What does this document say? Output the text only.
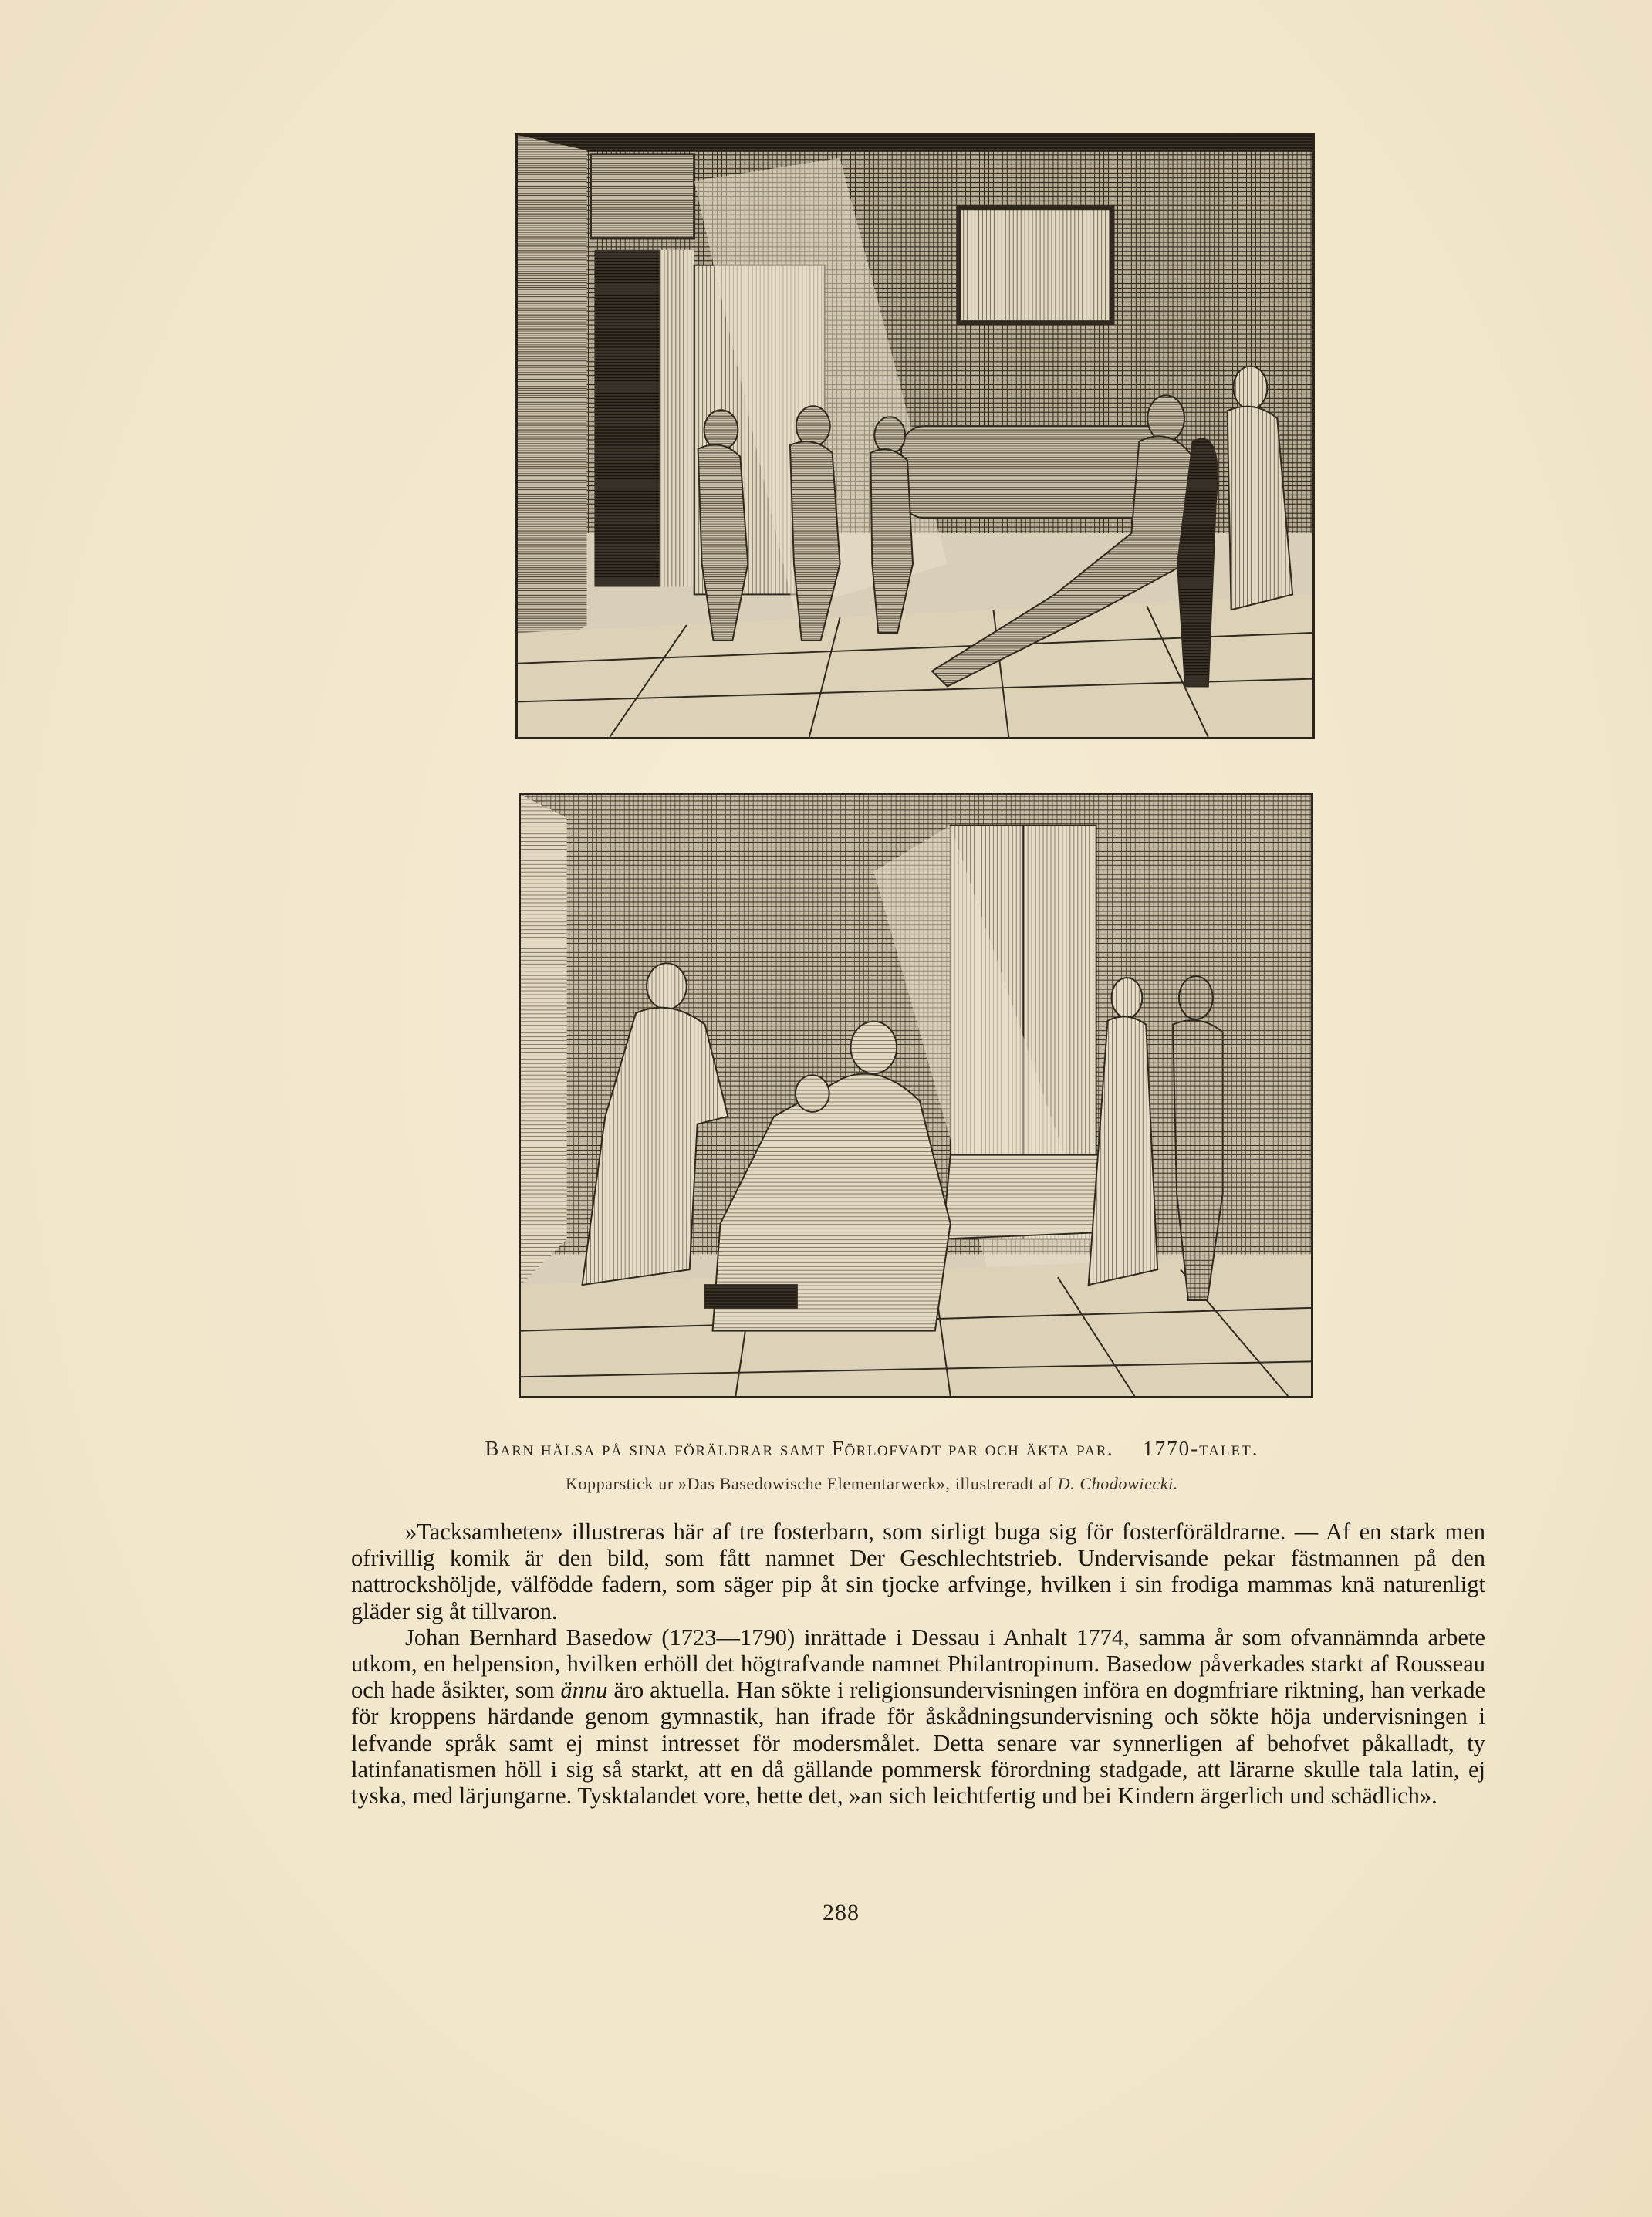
Barn hälsa på sina föräldrar samt Förlofvadt par och äkta par. 1770-talet.
Kopparstick ur »Das Basedowische Elementarwerk», illustreradt af D. Chodowiecki.

»Tacksamheten» illustreras här af tre fosterbarn, som sirligt buga sig för fosterföräldrarne. — Af en stark men ofrivillig komik är den bild, som fått namnet Der Geschlechtstrieb. Undervisande pekar fästmannen på den nattrockshöljde, välfödde fadern, som säger pip åt sin tjocke arfvinge, hvilken i sin frodiga mammas knä naturenligt gläder sig åt tillvaron.

Johan Bernhard Basedow (1723—1790) inrättade i Dessau i Anhalt 1774, samma år som ofvannämnda arbete utkom, en helpension, hvilken erhöll det högtrafvande namnet Philantropinum. Basedow påverkades starkt af Rousseau och hade åsikter, som ännu äro aktuella. Han sökte i religionsundervisningen införa en dogmfriare riktning, han verkade för kroppens härdande genom gymnastik, han ifrade för åskådningsundervisning och sökte höja undervisningen i lefvande språk samt ej minst intresset för modersmålet. Detta senare var synnerligen af behofvet påkalladt, ty latinfanatismen höll i sig så starkt, att en då gällande pommersk förordning stadgade, att lärarne skulle tala latin, ej tyska, med lärjungarne. Tysktalandet vore, hette det, »an sich leichtfertig und bei Kindern ärgerlich und schädlich».

288
